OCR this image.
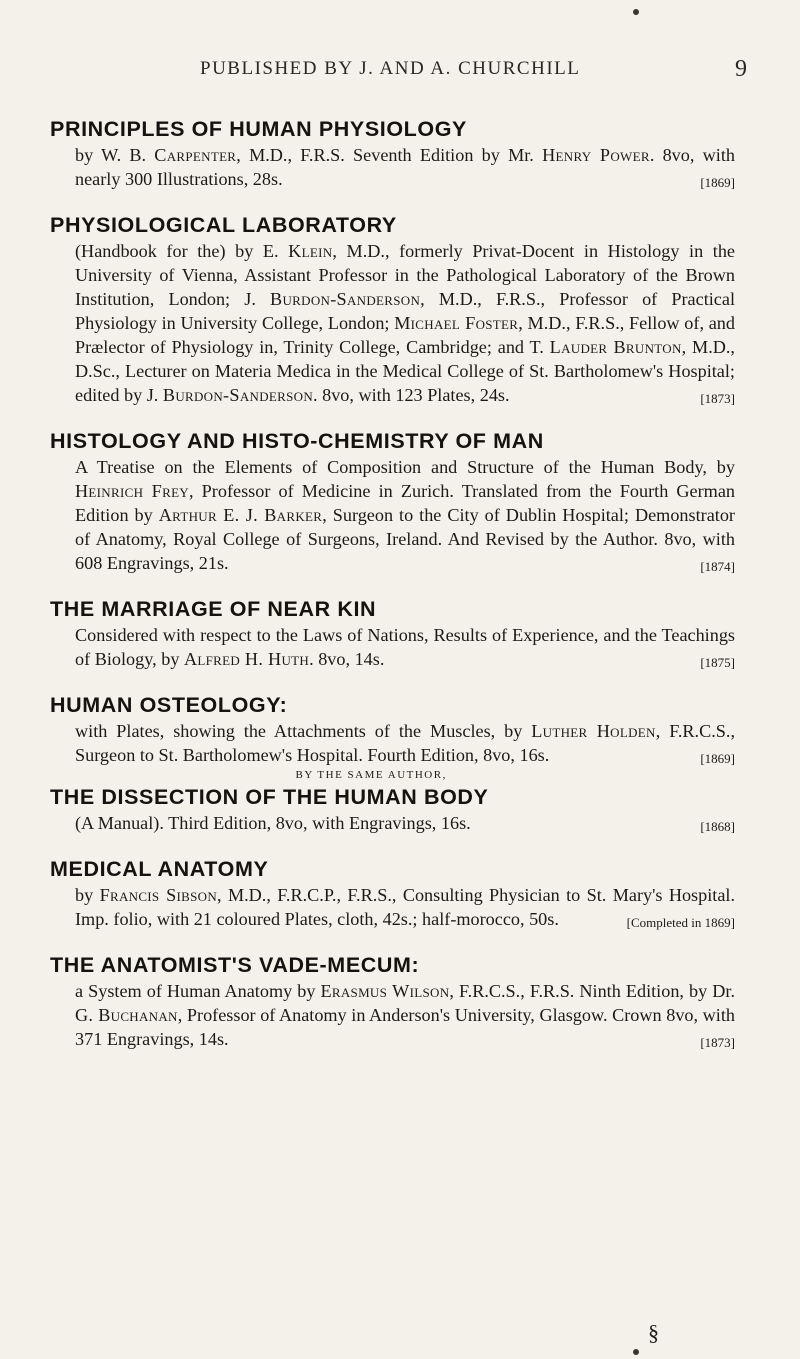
PUBLISHED BY J. AND A. CHURCHILL	9
PRINCIPLES OF HUMAN PHYSIOLOGY
by W. B. Carpenter, M.D., F.R.S. Seventh Edition by Mr. Henry Power. 8vo, with nearly 300 Illustrations, 28s.	[1869]
PHYSIOLOGICAL LABORATORY
(Handbook for the) by E. Klein, M.D., formerly Privat-Docent in Histology in the University of Vienna, Assistant Professor in the Pathological Laboratory of the Brown Institution, London; J. Burdon-Sanderson, M.D., F.R.S., Professor of Practical Physiology in University College, London; Michael Foster, M.D., F.R.S., Fellow of, and Prælector of Physiology in, Trinity College, Cambridge; and T. Lauder Brunton, M.D., D.Sc., Lecturer on Materia Medica in the Medical College of St. Bartholomew's Hospital; edited by J. Burdon-Sanderson. 8vo, with 123 Plates, 24s.	[1873]
HISTOLOGY AND HISTO-CHEMISTRY OF MAN
A Treatise on the Elements of Composition and Structure of the Human Body, by Heinrich Frey, Professor of Medicine in Zurich. Translated from the Fourth German Edition by Arthur E. J. Barker, Surgeon to the City of Dublin Hospital; Demonstrator of Anatomy, Royal College of Surgeons, Ireland. And Revised by the Author. 8vo, with 608 Engravings, 21s.	[1874]
THE MARRIAGE OF NEAR KIN
Considered with respect to the Laws of Nations, Results of Experience, and the Teachings of Biology, by Alfred H. Huth. 8vo, 14s.	[1875]
HUMAN OSTEOLOGY:
with Plates, showing the Attachments of the Muscles, by Luther Holden, F.R.C.S., Surgeon to St. Bartholomew's Hospital. Fourth Edition, 8vo, 16s.	[1869]
BY THE SAME AUTHOR,
THE DISSECTION OF THE HUMAN BODY
(A Manual). Third Edition, 8vo, with Engravings, 16s.	[1868]
MEDICAL ANATOMY
by Francis Sibson, M.D., F.R.C.P., F.R.S., Consulting Physician to St. Mary's Hospital. Imp. folio, with 21 coloured Plates, cloth, 42s.; half-morocco, 50s.	[Completed in 1869]
THE ANATOMIST'S VADE-MECUM:
a System of Human Anatomy by Erasmus Wilson, F.R.C.S., F.R.S. Ninth Edition, by Dr. G. Buchanan, Professor of Anatomy in Anderson's University, Glasgow. Crown 8vo, with 371 Engravings, 14s.	[1873]
§
